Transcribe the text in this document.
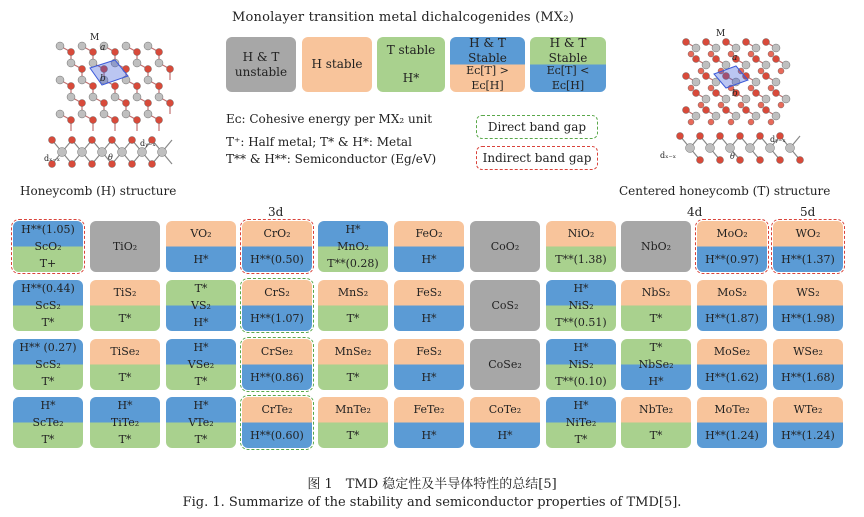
Monolayer transition metal dichalcogenides (MX₂)
M
a
b
dₓ₋ₓ
dᵧ₋ₓ
θ
M
a
b
dₓ₋ₓ
dᵧ₋ₓ
θ
H & T unstable
H stable
T stable
H*
H & T Stable
Eᴄ[T] > Eᴄ[H]
H & T Stable
Eᴄ[T] < Eᴄ[H]
Eᴄ: Cohesive energy per MX₂ unit
T⁺: Half metal; T* & H*: Metal
T** & H**: Semiconductor (Eg/eV)
Direct band gap
Indirect band gap
Honeycomb (H) structure	Centered honeycomb (T) structure
3d	4d	5d
H**(1.05)
ScO₂
T+
TiO₂
VO₂
H*
CrO₂
H**(0.50)
H*
MnO₂
T**(0.28)
FeO₂
H*
CoO₂
NiO₂
T**(1.38)
NbO₂
MoO₂
H**(0.97)
WO₂
H**(1.37)
H**(0.44)
ScS₂
T*
TiS₂
T*
T*
VS₂
H*
CrS₂
H**(1.07)
MnS₂
T*
FeS₂
H*
CoS₂
H*
NiS₂
T**(0.51)
NbS₂
T*
MoS₂
H**(1.87)
WS₂
H**(1.98)
H** (0.27)
ScS₂
T*
TiSe₂
T*
H*
VSe₂
T*
CrSe₂
H**(0.86)
MnSe₂
T*
FeS₂
H*
CoSe₂
H*
NiS₂
T**(0.10)
T*
NbSe₂
H*
MoSe₂
H**(1.62)
WSe₂
H**(1.68)
H*
ScTe₂
T*
H*
TiTe₂
T*
H*
VTe₂
T*
CrTe₂
H**(0.60)
MnTe₂
T*
FeTe₂
H*
CoTe₂
H*
H*
NiTe₂
T*
NbTe₂
T*
MoTe₂
H**(1.24)
WTe₂
H**(1.24)
图 1　TMD 稳定性及半导体特性的总结[5]
Fig. 1. Summarize of the stability and semiconductor properties of TMD[5].
